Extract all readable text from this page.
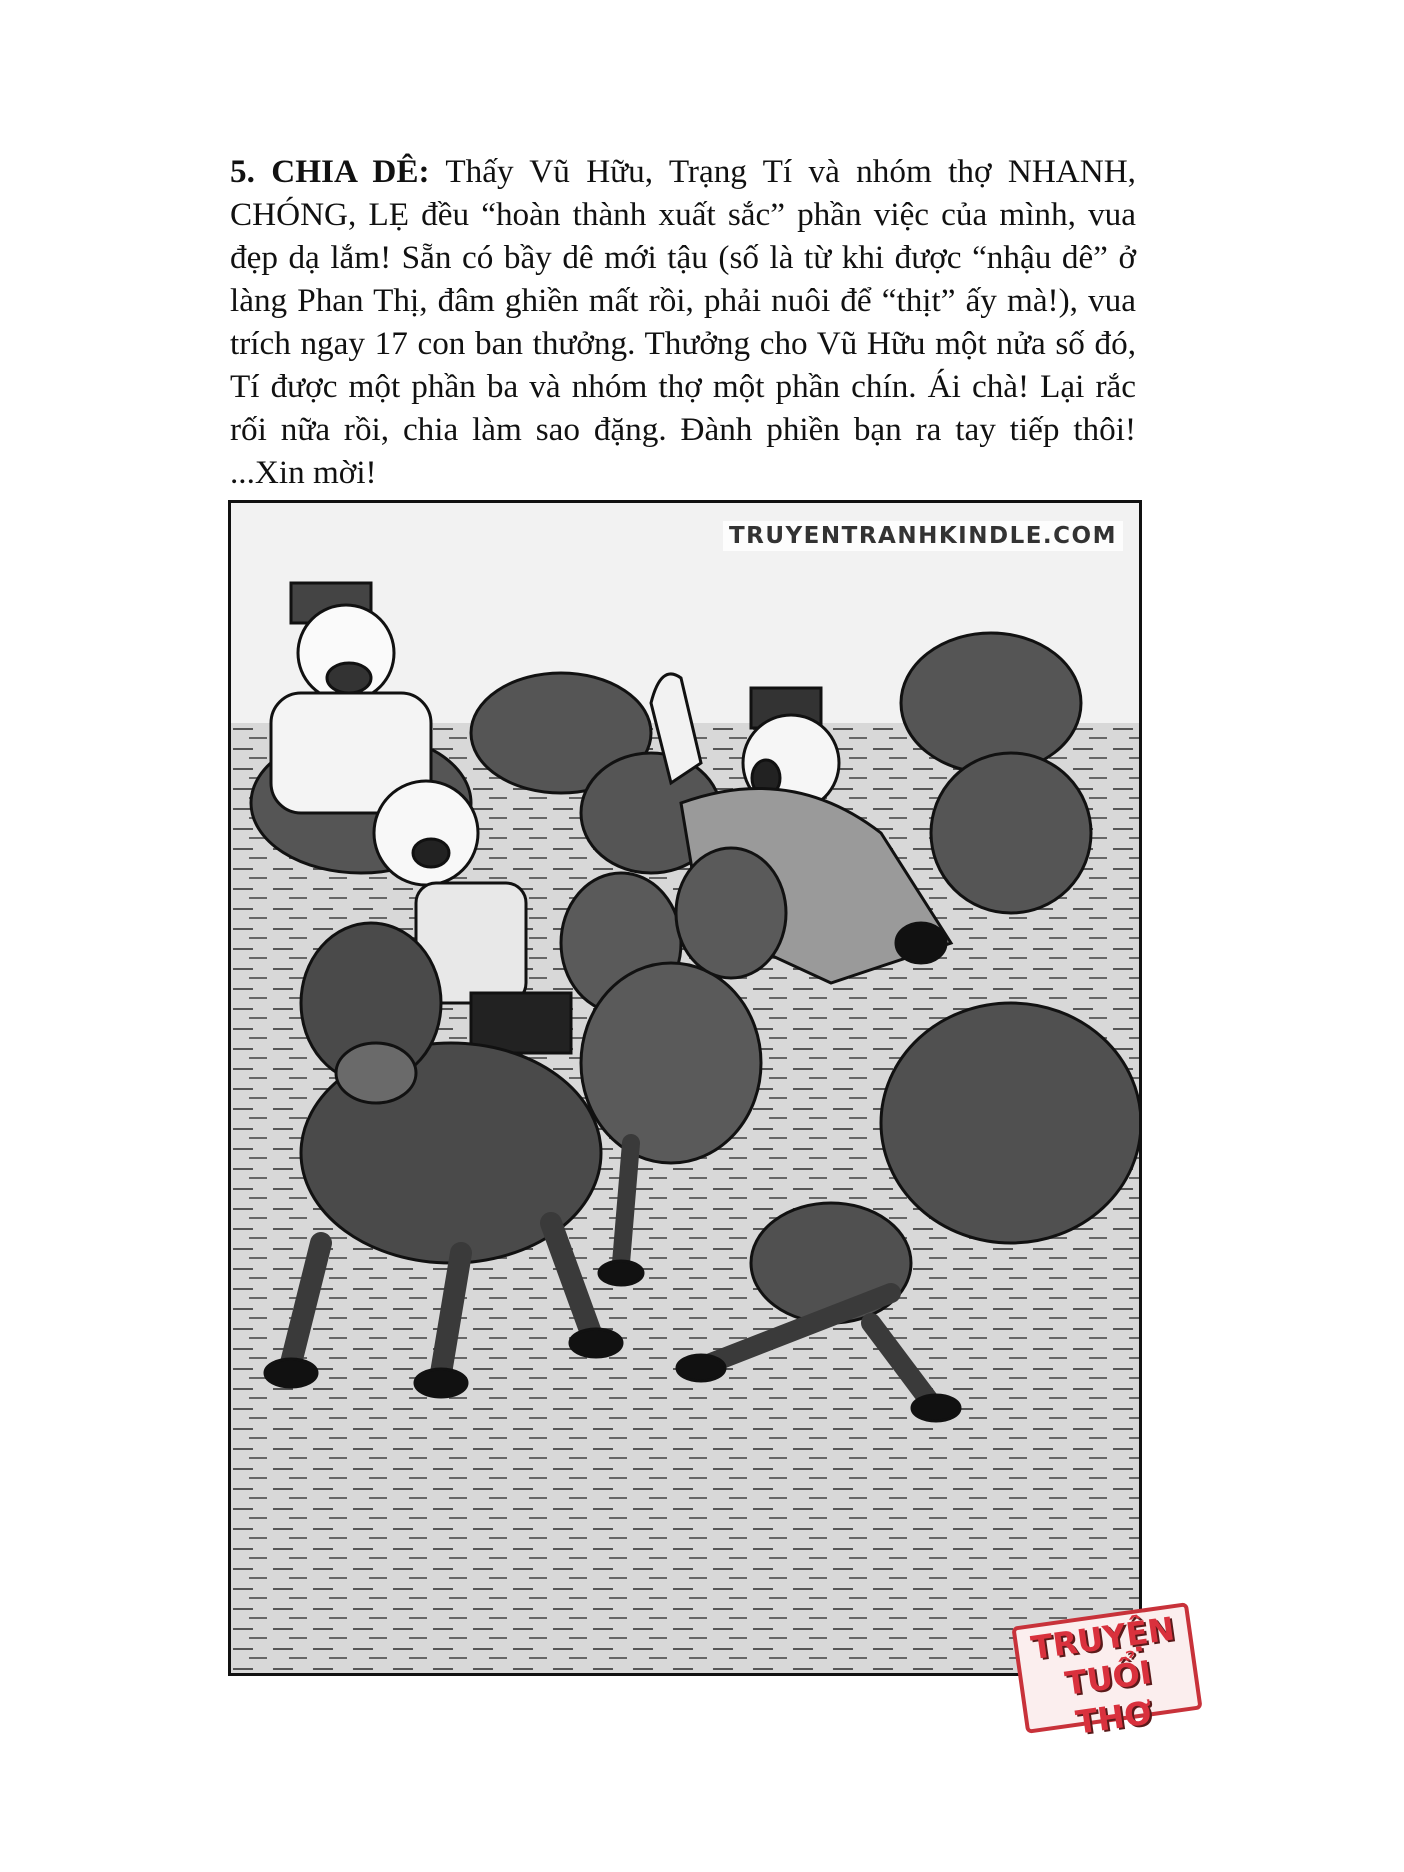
5. CHIA DÊ: Thấy Vũ Hữu, Trạng Tí và nhóm thợ NHANH, CHÓNG, LẸ đều “hoàn thành xuất sắc” phần việc của mình, vua đẹp dạ lắm! Sẵn có bầy dê mới tậu (số là từ khi được “nhậu dê” ở làng Phan Thị, đâm ghiền mất rồi, phải nuôi để “thịt” ấy mà!), vua trích ngay 17 con ban thưởng. Thưởng cho Vũ Hữu một nửa số đó, Tí được một phần ba và nhóm thợ một phần chín. Ái chà! Lại rắc rối nữa rồi, chia làm sao đặng. Đành phiền bạn ra tay tiếp thôi! ...Xin mời!
TRUYENTRANHKINDLE.COM
TRUYỆN
TUỔI THƠ
